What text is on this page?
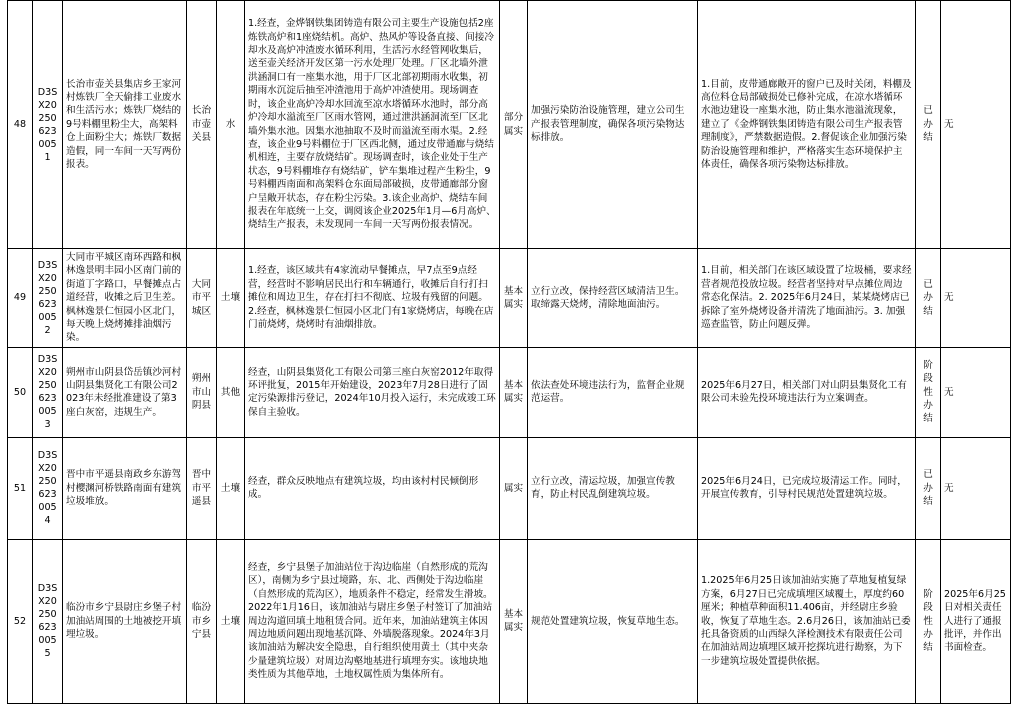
48	D3SX202506230051	长治市壶关县集店乡王家河村炼铁厂全天偷排工业废水和生活污水；炼铁厂烧结的9号料棚里粉尘大，高架料仓上面粉尘大；炼铁厂数据造假，同一车间一天写两份报表。	长治市壶关县	水	1.经查，金烨钢铁集团铸造有限公司主要生产设施包括2座炼铁高炉和1座烧结机。高炉、热风炉等设备直接、间接冷却水及高炉冲渣废水循环利用，生活污水经管网收集后，送至壶关经济开发区第一污水处理厂处理。厂区北墙外泄洪涵洞口有一座集水池，用于厂区北部初期雨水收集，初期雨水沉淀后抽至冲渣池用于高炉冲渣使用。现场调查时，该企业高炉冷却水回流至凉水塔循环水池时，部分高炉冷却水溢流至厂区雨水管网，通过泄洪涵洞流至厂区北墙外集水池。因集水池抽取不及时而溢流至雨水渠。2.经查，该企业9号料棚位于厂区西北侧，通过皮带通廊与烧结机相连，主要存放烧结矿。现场调查时，该企业处于生产状态，9号料棚堆存有烧结矿，铲车集堆过程产生粉尘，9号料棚西南面和高架料仓东面局部破损，皮带通廊部分窗户呈敞开状态，存在粉尘污染。3.该企业高炉、烧结车间报表在年底统一上交，调阅该企业2025年1月—6月高炉、烧结生产报表，未发现同一车间一天写两份报表情况。	部分属实	加强污染防治设施管理，建立公司生产报表管理制度，确保各项污染物达标排放。	1.目前，皮带通廊敞开的窗户已及时关闭，料棚及高位料仓局部破损处已修补完成，在凉水塔循环水池边建设一座集水池，防止集水池溢流现象，建立了《金烨钢铁集团铸造有限公司生产报表管理制度》，严禁数据造假。2.督促该企业加强污染防治设施管理和维护，严格落实生态环境保护主体责任，确保各项污染物达标排放。	已办结	无
49	D3SX202506230052	大同市平城区南环西路和枫林逸景明丰园小区南门前的街道丁字路口，早餐摊点占道经营，收摊之后卫生差。枫林逸景仁恒园小区北门，每天晚上烧烤摊排油烟污染。	大同市平城区	土壤	1.经查，该区域共有4家流动早餐摊点，早7点至9点经营，经营时不影响居民出行和车辆通行，收摊后自行打扫摊位和周边卫生，存在打扫不彻底、垃圾有残留的问题。2.经查，枫林逸景仁恒园小区北门有1家烧烤店，每晚在店门前烧烤，烧烤时有油烟排放。	基本属实	立行立改，保持经营区域清洁卫生。取缔露天烧烤，清除地面油污。	1.目前，相关部门在该区域设置了垃圾桶，要求经营者规范投放垃圾。经营者坚持对早点摊位周边常态化保洁。2. 2025年6月24日，某某烧烤店已拆除了室外烧烤设备并清洗了地面油污。3. 加强巡查监管，防止问题反弹。	已办结	无
50	D3SX202506230053	朔州市山阴县岱岳镇沙河村山阴县集贤化工有限公司2023年未经批准建设了第3座白灰窑，违规生产。	朔州市山阴县	其他	经查，山阴县集贤化工有限公司第三座白灰窑2012年取得环评批复，2015年开始建设，2023年7月28日进行了固定污染源排污登记，2024年10月投入运行，未完成竣工环保自主验收。	基本属实	依法查处环境违法行为，监督企业规范运营。	2025年6月27日，相关部门对山阴县集贤化工有限公司未验先投环境违法行为立案调查。	阶段性办结	无
51	D3SX202506230054	晋中市平遥县南政乡东游驾村樱渊河桥铁路南面有建筑垃圾堆放。	晋中市平遥县	土壤	经查，群众反映地点有建筑垃圾，均由该村村民倾倒形成。	属实	立行立改，清运垃圾，加强宣传教育，防止村民乱倒建筑垃圾。	2025年6月24日，已完成垃圾清运工作。同时，开展宣传教育，引导村民规范处置建筑垃圾。	已办结	无
52	D3SX202506230055	临汾市乡宁县尉庄乡堡子村加油站周围的土地被挖开填埋垃圾。	临汾市乡宁县	土壤	经查，乡宁县堡子加油站位于沟边临崖（自然形成的荒沟区），南侧为乡宁县过境路，东、北、西侧处于沟边临崖（自然形成的荒沟区），地质条件不稳定，经常发生滑坡。2022年1月16日，该加油站与尉庄乡堡子村签订了加油站周边沟道回填土地租赁合同。近年来，加油站建筑主体因周边地质问题出现地基沉降、外墙脱落现象。2024年3月该加油站为解决安全隐患，自行组织使用黄土（其中夹杂少量建筑垃圾）对周边沟壑地基进行填埋夯实。该地块地类性质为其他草地，土地权属性质为集体所有。	基本属实	规范处置建筑垃圾，恢复草地生态。	1.2025年6月25日该加油站实施了草地复植复绿方案，6月27日已完成填埋区域覆土，厚度约60厘米；种植草种面积11.406亩，并经尉庄乡验收，恢复了草地生态。2.6月26日，该加油站已委托具备资质的山西绿久泽检测技术有限责任公司在加油站周边填埋区域开挖探坑进行勘察，为下一步建筑垃圾处置提供依据。	阶段性办结	2025年6月25日对相关责任人进行了通报批评，并作出书面检查。
